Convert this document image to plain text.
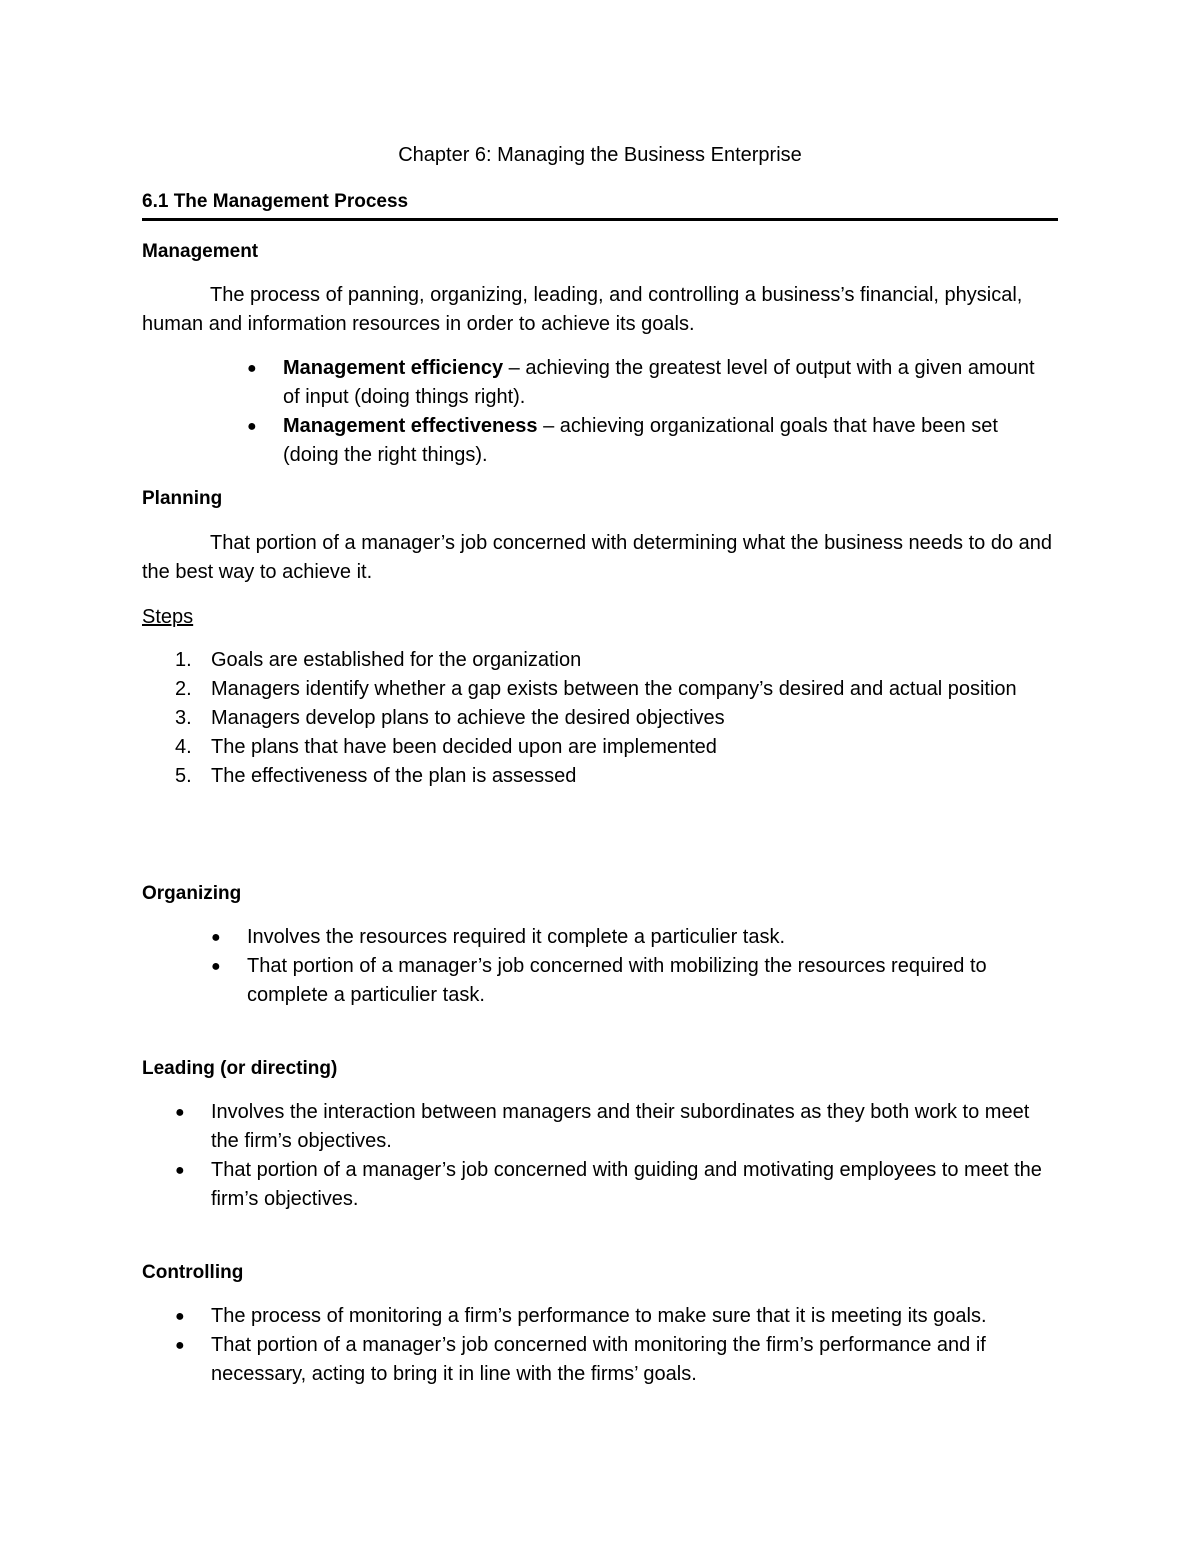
Chapter 6: Managing the Business Enterprise
6.1 The Management Process
Management
The process of panning, organizing, leading, and controlling a business’s financial, physical, human and information resources in order to achieve its goals.
● Management efficiency – achieving the greatest level of output with a given amount of input (doing things right).
● Management effectiveness – achieving organizational goals that have been set (doing the right things).
Planning
That portion of a manager’s job concerned with determining what the business needs to do and the best way to achieve it.
Steps
1. Goals are established for the organization
2. Managers identify whether a gap exists between the company’s desired and actual position
3. Managers develop plans to achieve the desired objectives
4. The plans that have been decided upon are implemented
5. The effectiveness of the plan is assessed
Organizing
● Involves the resources required it complete a particulier task.
● That portion of a manager’s job concerned with mobilizing the resources required to complete a particulier task.
Leading (or directing)
● Involves the interaction between managers and their subordinates as they both work to meet the firm’s objectives.
● That portion of a manager’s job concerned with guiding and motivating employees to meet the firm’s objectives.
Controlling
● The process of monitoring a firm’s performance to make sure that it is meeting its goals.
● That portion of a manager’s job concerned with monitoring the firm’s performance and if necessary, acting to bring it in line with the firms’ goals.
